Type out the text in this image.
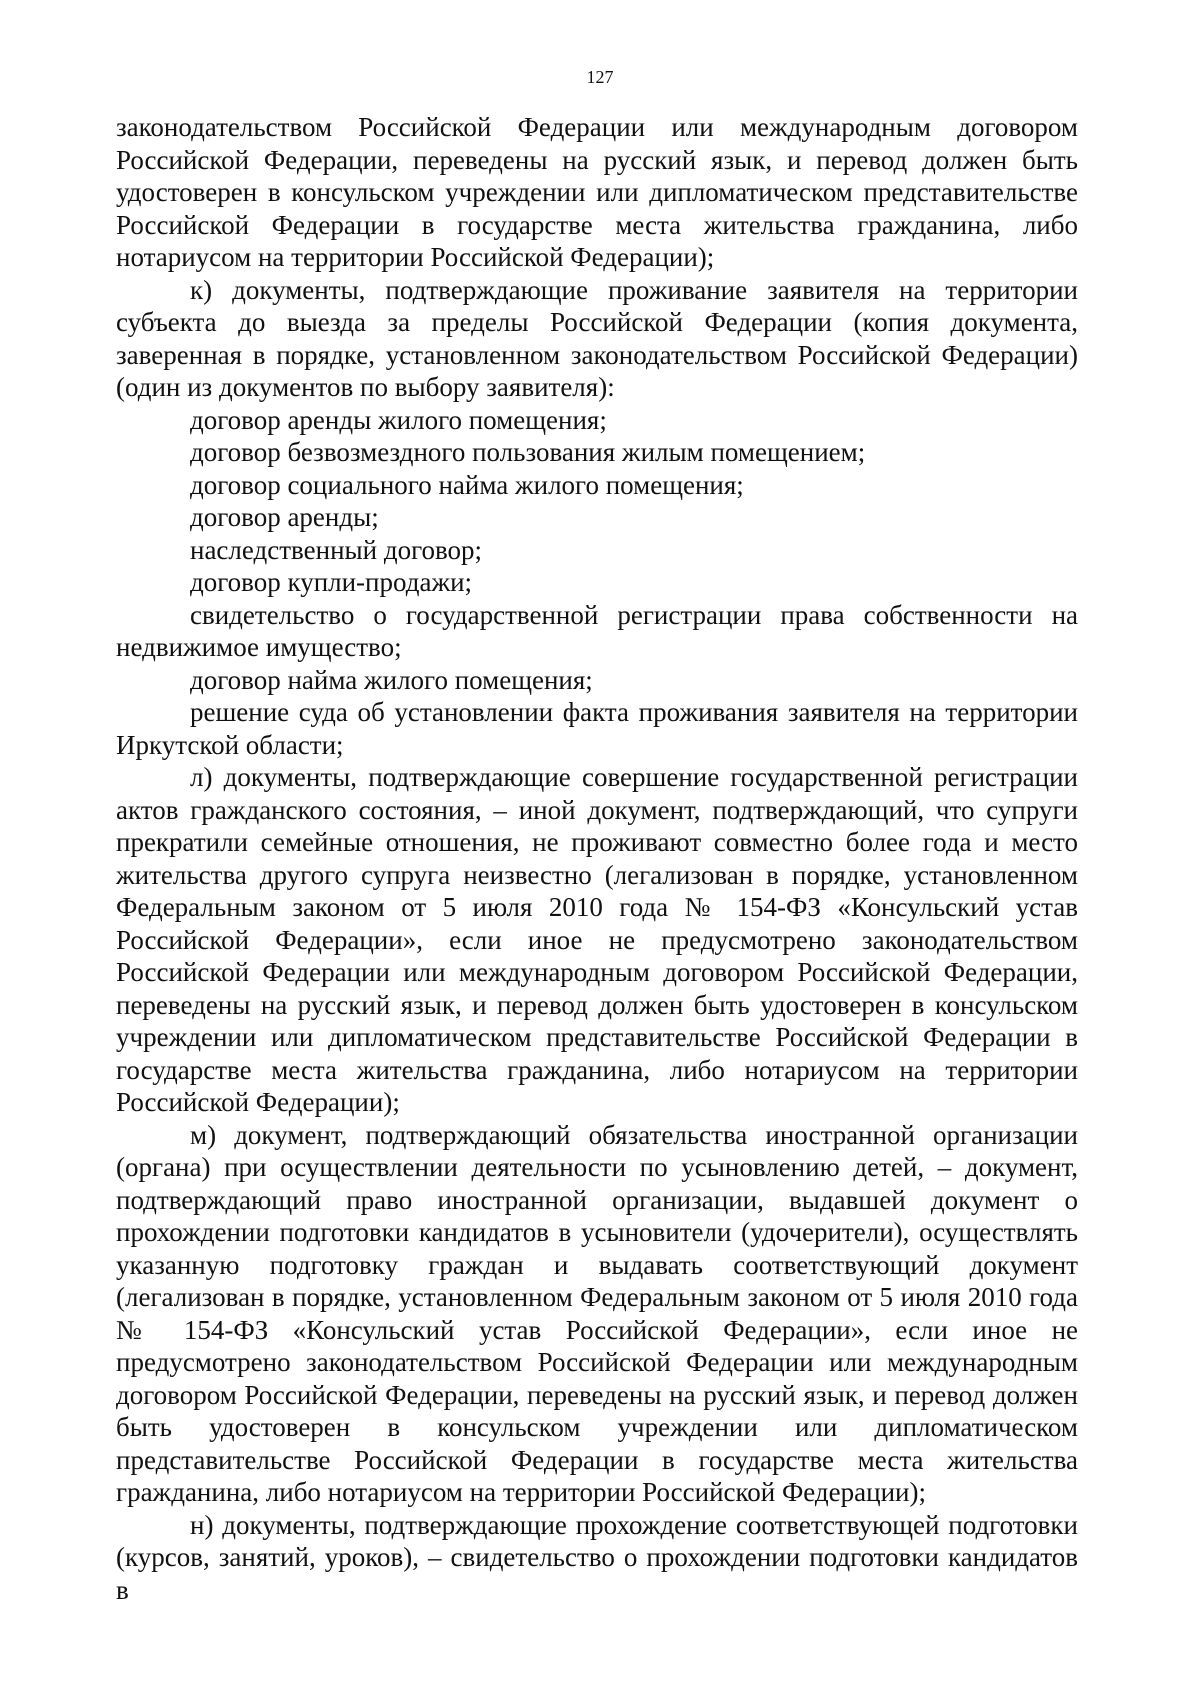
127

законодательством Российской Федерации или международным договором Российской Федерации, переведены на русский язык, и перевод должен быть удостоверен в консульском учреждении или дипломатическом представительстве Российской Федерации в государстве места жительства гражданина, либо нотариусом на территории Российской Федерации);

к) документы, подтверждающие проживание заявителя на территории субъекта до выезда за пределы Российской Федерации (копия документа, заверенная в порядке, установленном законодательством Российской Федерации) (один из документов по выбору заявителя):

договор аренды жилого помещения;

договор безвозмездного пользования жилым помещением;

договор социального найма жилого помещения;

договор аренды;

наследственный договор;

договор купли-продажи;

свидетельство о государственной регистрации права собственности на недвижимое имущество;

договор найма жилого помещения;

решение суда об установлении факта проживания заявителя на территории Иркутской области;

л) документы, подтверждающие совершение государственной регистрации актов гражданского состояния, – иной документ, подтверждающий, что супруги прекратили семейные отношения, не проживают совместно более года и место жительства другого супруга неизвестно (легализован в порядке, установленном Федеральным законом от 5 июля 2010 года № 154-ФЗ «Консульский устав Российской Федерации», если иное не предусмотрено законодательством Российской Федерации или международным договором Российской Федерации, переведены на русский язык, и перевод должен быть удостоверен в консульском учреждении или дипломатическом представительстве Российской Федерации в государстве места жительства гражданина, либо нотариусом на территории Российской Федерации);

м) документ, подтверждающий обязательства иностранной организации (органа) при осуществлении деятельности по усыновлению детей, – документ, подтверждающий право иностранной организации, выдавшей документ о прохождении подготовки кандидатов в усыновители (удочерители), осуществлять указанную подготовку граждан и выдавать соответствующий документ (легализован в порядке, установленном Федеральным законом от 5 июля 2010 года № 154-ФЗ «Консульский устав Российской Федерации», если иное не предусмотрено законодательством Российской Федерации или международным договором Российской Федерации, переведены на русский язык, и перевод должен быть удостоверен в консульском учреждении или дипломатическом представительстве Российской Федерации в государстве места жительства гражданина, либо нотариусом на территории Российской Федерации);

н) документы, подтверждающие прохождение соответствующей подготовки (курсов, занятий, уроков), – свидетельство о прохождении подготовки кандидатов в
